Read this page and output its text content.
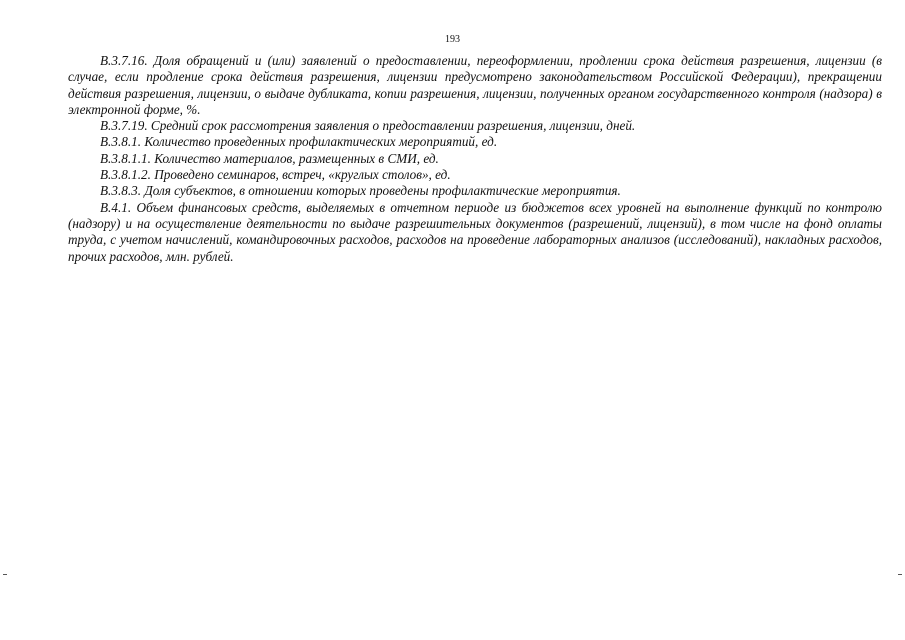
193

В.3.7.16. Доля обращений и (или) заявлений о предоставлении, переоформлении, продлении срока действия разрешения, лицензии (в случае, если продление срока действия разрешения, лицензии предусмотрено законодательством Российской Федерации), прекращении действия разрешения, лицензии, о выдаче дубликата, копии разрешения, лицензии, полученных органом государственного контроля (надзора) в электронной форме, %.

В.3.7.19. Средний срок рассмотрения заявления о предоставлении разрешения, лицензии, дней.

В.3.8.1. Количество проведенных профилактических мероприятий, ед.

В.3.8.1.1. Количество материалов, размещенных в СМИ, ед.

В.3.8.1.2. Проведено семинаров, встреч, «круглых столов», ед.

В.3.8.3. Доля субъектов, в отношении которых проведены профилактические мероприятия.

В.4.1. Объем финансовых средств, выделяемых в отчетном периоде из бюджетов всех уровней на выполнение функций по контролю (надзору) и на осуществление деятельности по выдаче разрешительных документов (разрешений, лицензий), в том числе на фонд оплаты труда, с учетом начислений, командировочных расходов, расходов на проведение лабораторных анализов (исследований), накладных расходов, прочих расходов, млн. рублей.
